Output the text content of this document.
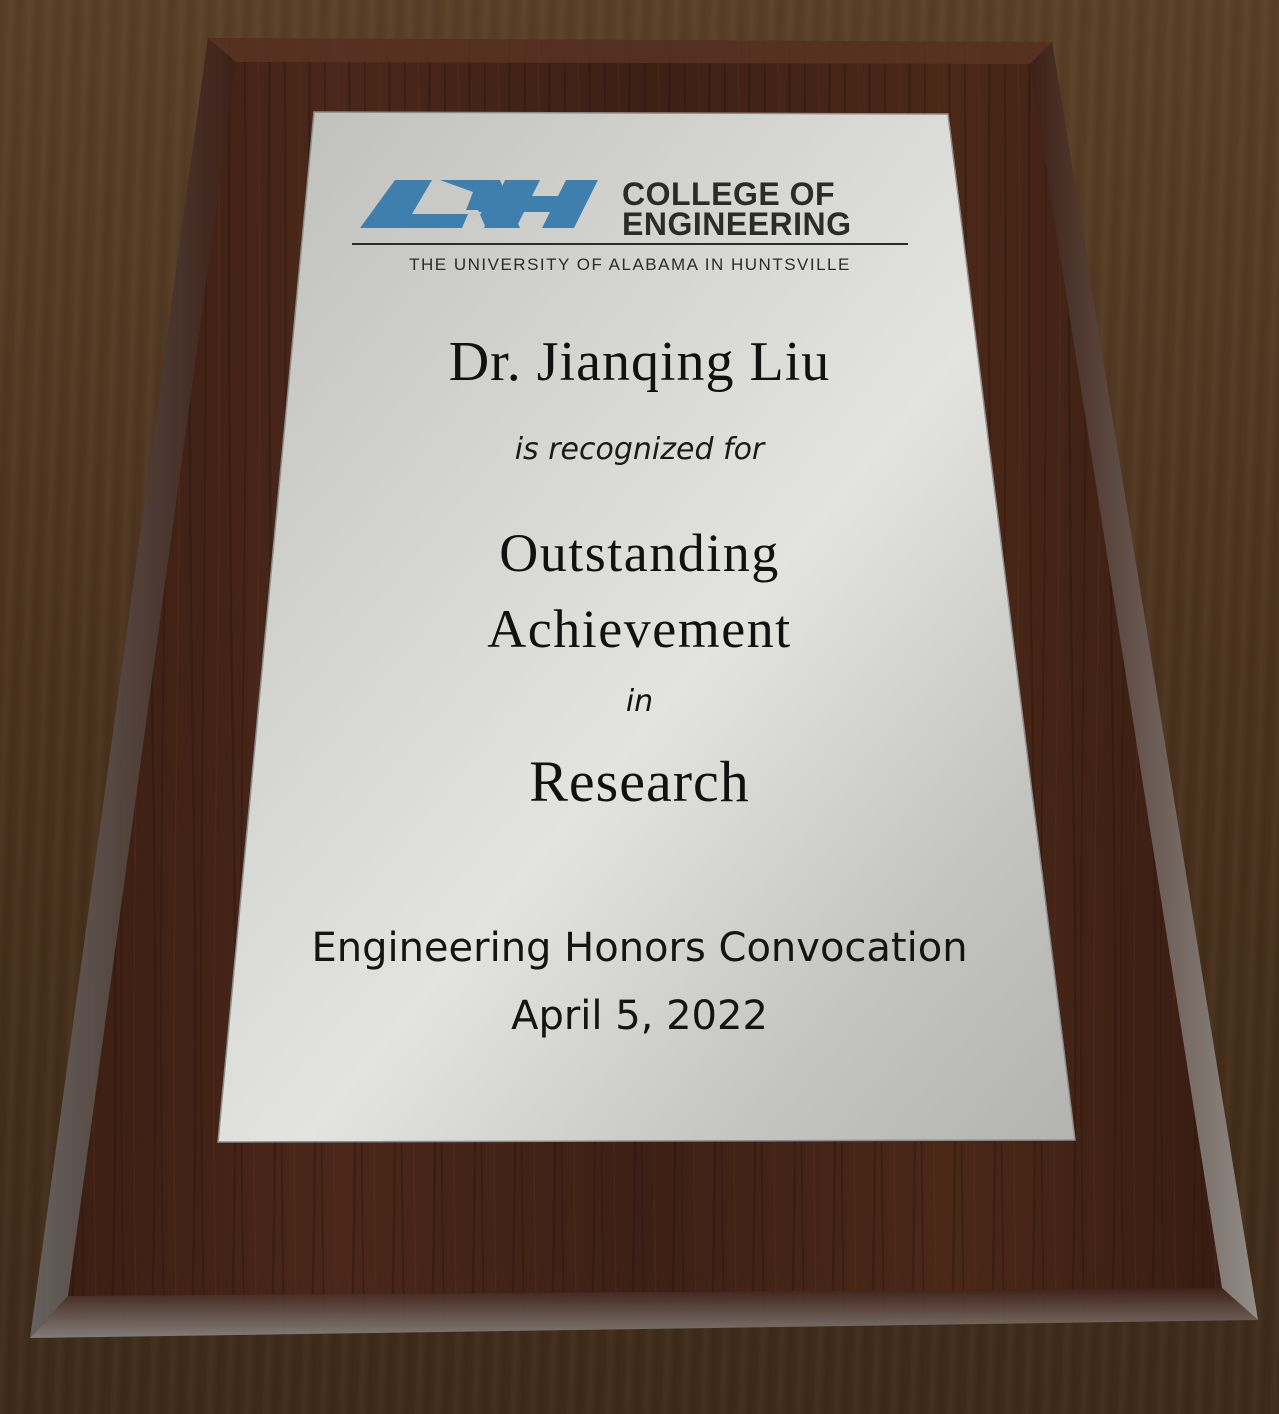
COLLEGE OF
ENGINEERING
THE UNIVERSITY OF ALABAMA IN HUNTSVILLE
Dr. Jianqing Liu
is recognized for
Outstanding
Achievement
in
Research
Engineering Honors Convocation
April 5, 2022
